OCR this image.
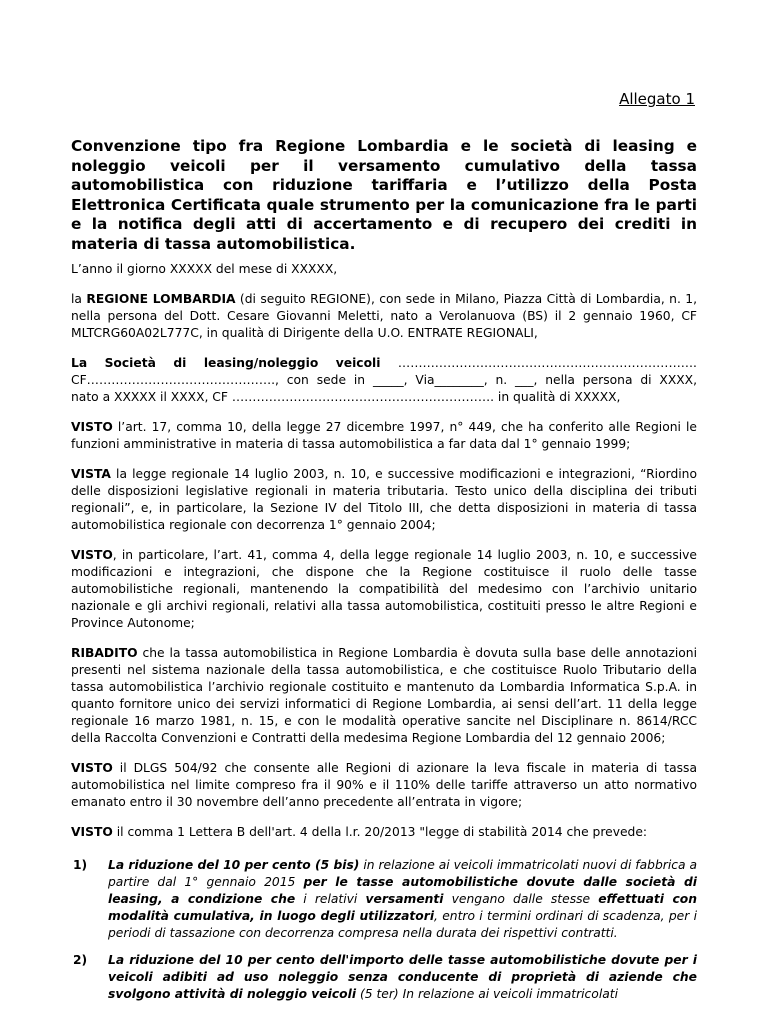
Allegato 1
Convenzione tipo fra Regione Lombardia e le società di leasing e noleggio veicoli per il versamento cumulativo della tassa automobilistica con riduzione tariffaria e l’utilizzo della Posta Elettronica Certificata quale strumento per la comunicazione fra le parti e la notifica degli atti di accertamento e di recupero dei crediti in materia di tassa automobilistica.

L’anno il giorno XXXXX del mese di XXXXX,

la REGIONE LOMBARDIA (di seguito REGIONE), con sede in Milano, Piazza Città di Lombardia, n. 1, nella persona del Dott. Cesare Giovanni Meletti, nato a Verolanuova (BS) il 2 gennaio 1960, CF MLTCRG60A02L777C, in qualità di Dirigente della U.O. ENTRATE REGIONALI,

La Società di leasing/noleggio veicoli ……………………………………………………………….
CF………………………………………., con sede in _____, Via________, n. ___, nella persona di XXXX,
nato a XXXXX il XXXX, CF ………………………………………………………. in qualità di XXXXX,

VISTO l’art. 17, comma 10, della legge 27 dicembre 1997, n° 449, che ha conferito alle Regioni le funzioni amministrative in materia di tassa automobilistica a far data dal 1° gennaio 1999;

VISTA la legge regionale 14 luglio 2003, n. 10, e successive modificazioni e integrazioni, “Riordino delle disposizioni legislative regionali in materia tributaria. Testo unico della disciplina dei tributi regionali”, e, in particolare, la Sezione IV del Titolo III, che detta disposizioni in materia di tassa automobilistica regionale con decorrenza 1° gennaio 2004;

VISTO, in particolare, l’art. 41, comma 4, della legge regionale 14 luglio 2003, n. 10, e successive modificazioni e integrazioni, che dispone che la Regione costituisce il ruolo delle tasse automobilistiche regionali, mantenendo la compatibilità del medesimo con l’archivio unitario nazionale e gli archivi regionali, relativi alla tassa automobilistica, costituiti presso le altre Regioni e Province Autonome;

RIBADITO che la tassa automobilistica in Regione Lombardia è dovuta sulla base delle annotazioni presenti nel sistema nazionale della tassa automobilistica, e che costituisce Ruolo Tributario della tassa automobilistica l’archivio regionale costituito e mantenuto da Lombardia Informatica S.p.A. in quanto fornitore unico dei servizi informatici di Regione Lombardia, ai sensi dell’art. 11 della legge regionale 16 marzo 1981, n. 15, e con le modalità operative sancite nel Disciplinare n. 8614/RCC della Raccolta Convenzioni e Contratti della medesima Regione Lombardia del 12 gennaio 2006;

VISTO il DLGS 504/92 che consente alle Regioni di azionare la leva fiscale in materia di tassa automobilistica nel limite compreso fra il 90% e il 110% delle tariffe attraverso un atto normativo emanato entro il 30 novembre dell’anno precedente all’entrata in vigore;

VISTO il comma 1 Lettera B dell'art. 4 della l.r. 20/2013 "legge di stabilità 2014 che prevede:

1)	La riduzione del 10 per cento (5 bis) in relazione ai veicoli immatricolati nuovi di fabbrica a partire dal 1° gennaio 2015 per le tasse automobilistiche dovute dalle società di leasing, a condizione che i relativi versamenti vengano dalle stesse effettuati con modalità cumulativa, in luogo degli utilizzatori, entro i termini ordinari di scadenza, per i periodi di tassazione con decorrenza compresa nella durata dei rispettivi contratti.
2)	La riduzione del 10 per cento dell'importo delle tasse automobilistiche dovute per i veicoli adibiti ad uso noleggio senza conducente di proprietà di aziende che svolgono attività di noleggio veicoli (5 ter) In relazione ai veicoli immatricolati
